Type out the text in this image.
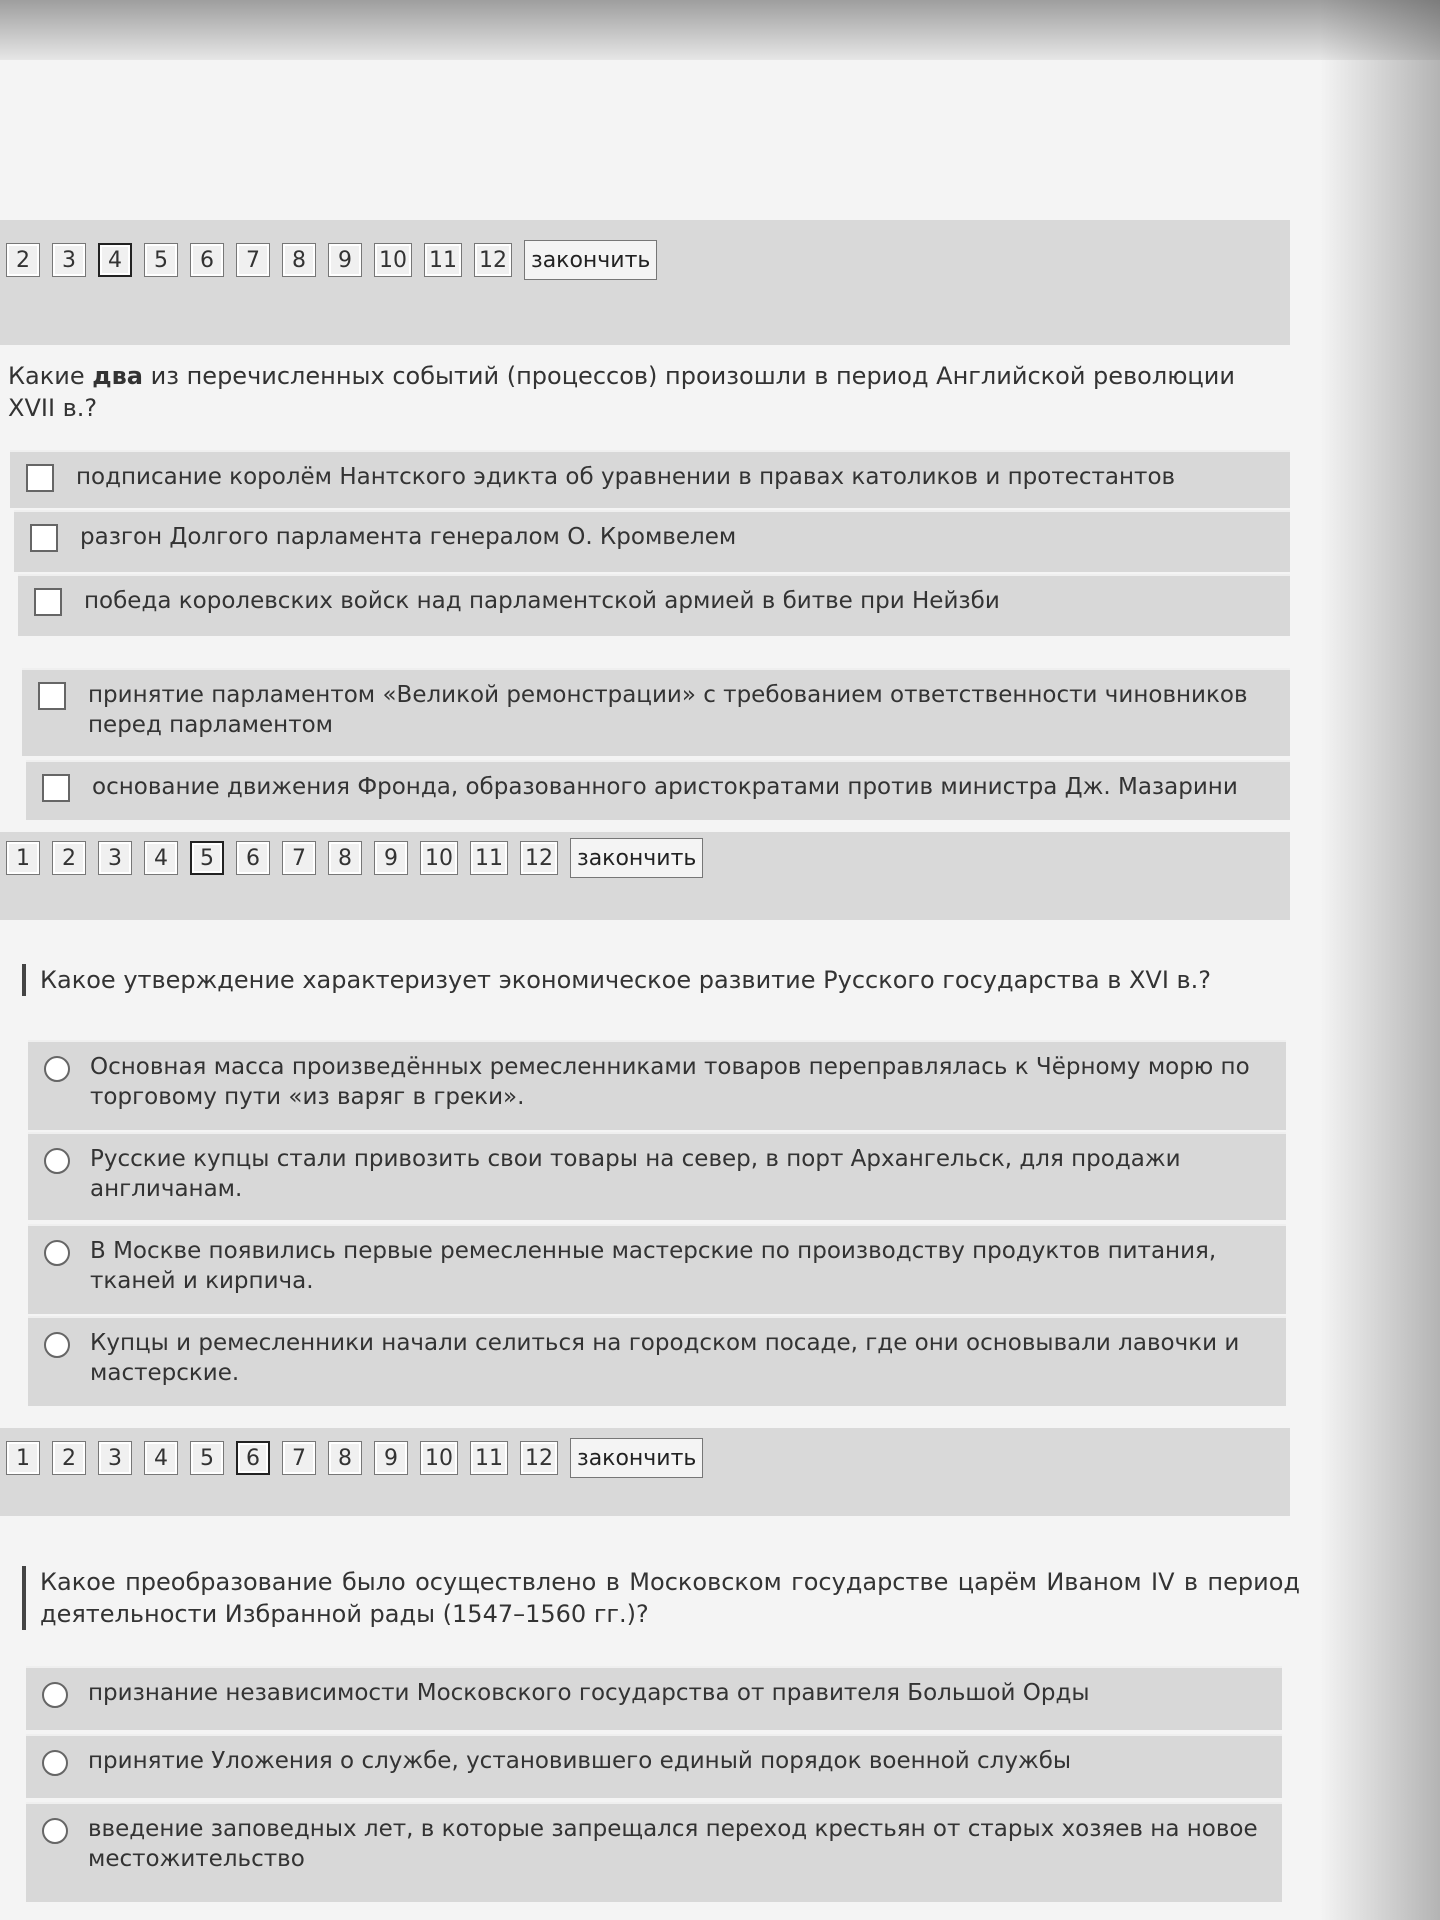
2	3	4	5	6	7	8	9	10 11 12	закончить
Какие два из перечисленных событий (процессов) произошли в период Английской революции XVII в.?
подписание королём Нантского эдикта об уравнении в правах католиков и протестантов
разгон Долгого парламента генералом О. Кромвелем
победа королевских войск над парламентской армией в битве при Нейзби
принятие парламентом «Великой ремонстрации» с требованием ответственности чиновников перед парламентом
основание движения Фронда, образованного аристократами против министра Дж. Мазарини
1	2	3	4	5	6	7	8	9	10 11 12	закончить
Какое утверждение характеризует экономическое развитие Русского государства в XVI в.?
Основная масса произведённых ремесленниками товаров переправлялась к Чёрному морю по торговому пути «из варяг в греки».
Русские купцы стали привозить свои товары на север, в порт Архангельск, для продажи англичанам.
В Москве появились первые ремесленные мастерские по производству продуктов питания, тканей и кирпича.
Купцы и ремесленники начали селиться на городском посаде, где они основывали лавочки и мастерские.
1	2	3	4	5	6	7	8	9	10 11 12	закончить
Какое преобразование было осуществлено в Московском государстве царём Иваном IV в период деятельности Избранной рады (1547–1560 гг.)?
признание независимости Московского государства от правителя Большой Орды
принятие Уложения о службе, установившего единый порядок военной службы
введение заповедных лет, в которые запрещался переход крестьян от старых хозяев на новое местожительство
